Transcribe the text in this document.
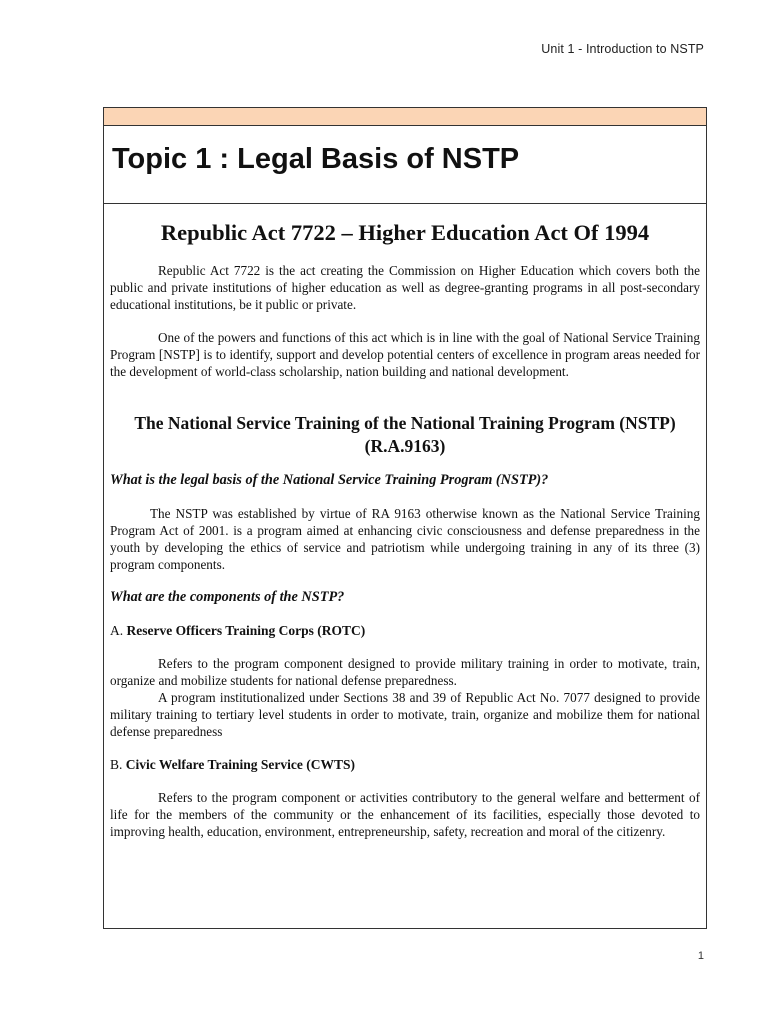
Unit 1 - Introduction to NSTP
Topic 1 : Legal Basis of NSTP
Republic Act 7722 – Higher Education Act Of 1994

Republic Act 7722 is the act creating the Commission on Higher Education which covers both the public and private institutions of higher education as well as degree-granting programs in all post-secondary educational institutions, be it public or private.

One of the powers and functions of this act which is in line with the goal of National Service Training Program [NSTP] is to identify, support and develop potential centers of excellence in program areas needed for the development of world-class scholarship, nation building and national development.

The National Service Training of the National Training Program (NSTP) (R.A.9163)

What is the legal basis of the National Service Training Program (NSTP)?

The NSTP was established by virtue of RA 9163 otherwise known as the National Service Training Program Act of 2001. is a program aimed at enhancing civic consciousness and defense preparedness in the youth by developing the ethics of service and patriotism while undergoing training in any of its three (3) program components.

What are the components of the NSTP?

A. Reserve Officers Training Corps (ROTC)

Refers to the program component designed to provide military training in order to motivate, train, organize and mobilize students for national defense preparedness.

A program institutionalized under Sections 38 and 39 of Republic Act No. 7077 designed to provide military training to tertiary level students in order to motivate, train, organize and mobilize them for national defense preparedness

B. Civic Welfare Training Service (CWTS)

Refers to the program component or activities contributory to the general welfare and betterment of life for the members of the community or the enhancement of its facilities, especially those devoted to improving health, education, environment, entrepreneurship, safety, recreation and moral of the citizenry.

1
